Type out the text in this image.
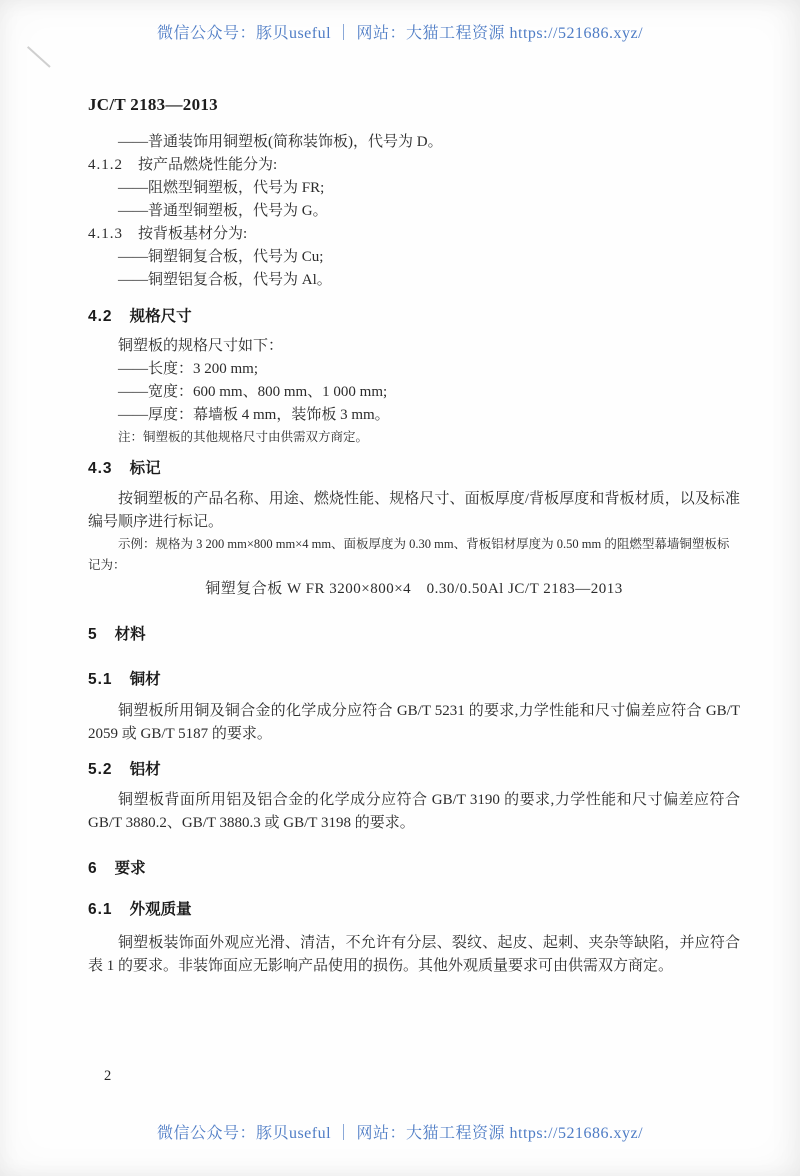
微信公众号：豚贝useful ｜ 网站：大猫工程资源 https://521686.xyz/
JC/T 2183—2013

——普通装饰用铜塑板(简称装饰板)，代号为 D。

4.1.2 按产品燃烧性能分为:

——阻燃型铜塑板，代号为 FR;

——普通型铜塑板，代号为 G。

4.1.3 按背板基材分为:

——铜塑铜复合板，代号为 Cu;

——铜塑铝复合板，代号为 Al。

4.2 规格尺寸

铜塑板的规格尺寸如下：

——长度：3 200 mm;

——宽度：600 mm、800 mm、1 000 mm;

——厚度：幕墙板 4 mm，装饰板 3 mm。

注：铜塑板的其他规格尺寸由供需双方商定。

4.3 标记

按铜塑板的产品名称、用途、燃烧性能、规格尺寸、面板厚度/背板厚度和背板材质，以及标准编号顺序进行标记。

示例：规格为 3 200 mm×800 mm×4 mm、面板厚度为 0.30 mm、背板铝材厚度为 0.50 mm 的阻燃型幕墙铜塑板标记为：

铜塑复合板 W FR 3200×800×4　0.30/0.50Al JC/T 2183—2013

5 材料

5.1 铜材

铜塑板所用铜及铜合金的化学成分应符合 GB/T 5231 的要求,力学性能和尺寸偏差应符合 GB/T 2059 或 GB/T 5187 的要求。

5.2 铝材

铜塑板背面所用铝及铝合金的化学成分应符合 GB/T 3190 的要求,力学性能和尺寸偏差应符合 GB/T 3880.2、GB/T 3880.3 或 GB/T 3198 的要求。

6 要求

6.1 外观质量

铜塑板装饰面外观应光滑、清洁，不允许有分层、裂纹、起皮、起刺、夹杂等缺陷，并应符合表 1 的要求。非装饰面应无影响产品使用的损伤。其他外观质量要求可由供需双方商定。

2
微信公众号：豚贝useful ｜ 网站：大猫工程资源 https://521686.xyz/
